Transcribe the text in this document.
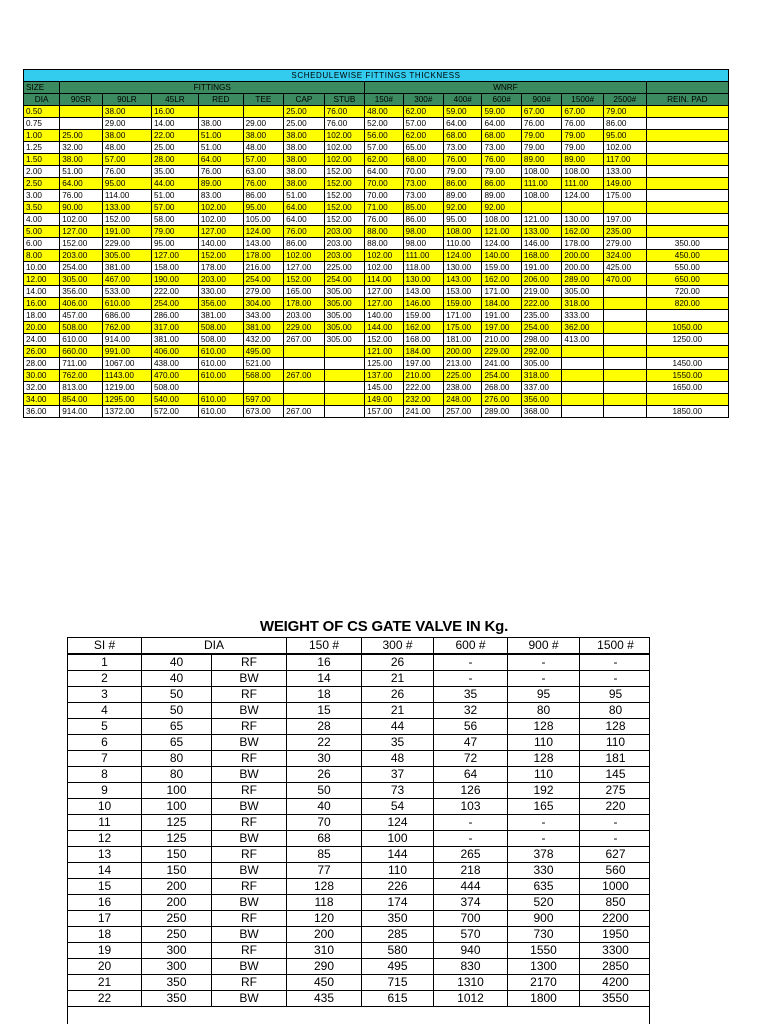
SCHEDULEWISE FITTINGS THICKNESS															
SIZE	FITTINGS							WNRF							
DIA	90SR	90LR	45LR	RED	TEE	CAP	STUB	150#	300#	400#	600#	900#	1500#	2500#	REIN. PAD
0.50		38.00	16.00			25.00	76.00	48.00	62.00	59.00	59.00	67.00	67.00	79.00	
0.75		29.00	14.00	38.00	29.00	25.00	76.00	52.00	57.00	64.00	64.00	76.00	76.00	86.00	
1.00	25.00	38.00	22.00	51.00	38.00	38.00	102.00	56.00	62.00	68.00	68.00	79.00	79.00	95.00	
1.25	32.00	48.00	25.00	51.00	48.00	38.00	102.00	57.00	65.00	73.00	73.00	79.00	79.00	102.00	
1.50	38.00	57.00	28.00	64.00	57.00	38.00	102.00	62.00	68.00	76.00	76.00	89.00	89.00	117.00	
2.00	51.00	76.00	35.00	76.00	63.00	38.00	152.00	64.00	70.00	79.00	79.00	108.00	108.00	133.00	
2.50	64.00	95.00	44.00	89.00	76.00	38.00	152.00	70.00	73.00	86.00	86.00	111.00	111.00	149.00	
3.00	76.00	114.00	51.00	83.00	86.00	51.00	152.00	70.00	73.00	89.00	89.00	108.00	124.00	175.00	
3.50	90.00	133.00	57.00	102.00	95.00	64.00	152.00	71.00	85.00	92.00	92.00				
4.00	102.00	152.00	58.00	102.00	105.00	64.00	152.00	76.00	86.00	95.00	108.00	121.00	130.00	197.00	
5.00	127.00	191.00	79.00	127.00	124.00	76.00	203.00	88.00	98.00	108.00	121.00	133.00	162.00	235.00	
6.00	152.00	229.00	95.00	140.00	143.00	86.00	203.00	88.00	98.00	110.00	124.00	146.00	178.00	279.00	350.00
8.00	203.00	305.00	127.00	152.00	178.00	102.00	203.00	102.00	111.00	124.00	140.00	168.00	200.00	324.00	450.00
10.00	254.00	381.00	158.00	178.00	216.00	127.00	225.00	102.00	118.00	130.00	159.00	191.00	200.00	425.00	550.00
12.00	305.00	467.00	190.00	203.00	254.00	152.00	254.00	114.00	130.00	143.00	162.00	206.00	289.00	470.00	650.00
14.00	356.00	533.00	222.00	330.00	279.00	165.00	305.00	127.00	143.00	153.00	171.00	219.00	305.00		720.00
16.00	406.00	610.00	254.00	356.00	304.00	178.00	305.00	127.00	146.00	159.00	184.00	222.00	318.00		820.00
18.00	457.00	686.00	286.00	381.00	343.00	203.00	305.00	140.00	159.00	171.00	191.00	235.00	333.00		
20.00	508.00	762.00	317.00	508.00	381.00	229.00	305.00	144.00	162.00	175.00	197.00	254.00	362.00		1050.00
24.00	610.00	914.00	381.00	508.00	432.00	267.00	305.00	152.00	168.00	181.00	210.00	298.00	413.00		1250.00
26.00	660.00	991.00	406.00	610.00	495.00			121.00	184.00	200.00	229.00	292.00			
28.00	711.00	1067.00	438.00	610.00	521.00			125.00	197.00	213.00	241.00	305.00			1450.00
30.00	762.00	1143.00	470.00	610.00	568.00	267.00		137.00	210.00	225.00	254.00	318.00			1550.00
32.00	813.00	1219.00	508.00					145.00	222.00	238.00	268.00	337.00			1650.00
34.00	854.00	1295.00	540.00	610.00	597.00			149.00	232.00	248.00	276.00	356.00			
36.00	914.00	1372.00	572.00	610.00	673.00	267.00		157.00	241.00	257.00	289.00	368.00			1850.00
WEIGHT OF CS GATE VALVE IN Kg.
SI #	DIA		150 #	300 #	600 #	900 #	1500 #
1	40	RF	16	26	-	-	-
2	40	BW	14	21	-	-	-
3	50	RF	18	26	35	95	95
4	50	BW	15	21	32	80	80
5	65	RF	28	44	56	128	128
6	65	BW	22	35	47	110	110
7	80	RF	30	48	72	128	181
8	80	BW	26	37	64	110	145
9	100	RF	50	73	126	192	275
10	100	BW	40	54	103	165	220
11	125	RF	70	124	-	-	-
12	125	BW	68	100	-	-	-
13	150	RF	85	144	265	378	627
14	150	BW	77	110	218	330	560
15	200	RF	128	226	444	635	1000
16	200	BW	118	174	374	520	850
17	250	RF	120	350	700	900	2200
18	250	BW	200	285	570	730	1950
19	300	RF	310	580	940	1550	3300
20	300	BW	290	495	830	1300	2850
21	350	RF	450	715	1310	2170	4200
22	350	BW	435	615	1012	1800	3550
